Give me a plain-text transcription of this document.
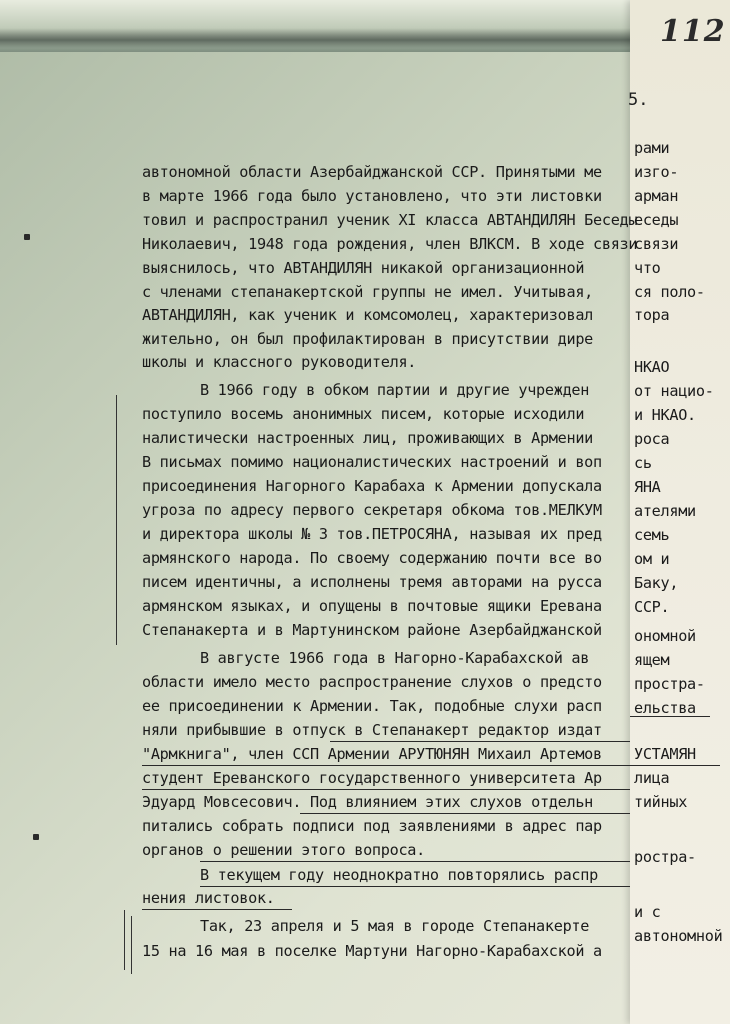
112
5.
автономной области Азербайджанской ССР. Принятыми ме
в марте 1966 года было установлено, что эти листовки
товил и распространил ученик XI класса АВТАНДИЛЯН Беседы
Николаевич, 1948 года рождения, член ВЛКСМ. В ходе связи
выяснилось, что АВТАНДИЛЯН никакой организационной
с членами степанакертской группы не имел. Учитывая,
АВТАНДИЛЯН, как ученик и комсомолец, характеризовал
жительно, он был профилактирован в присутствии дире
школы и классного руководителя.
В 1966 году в обком партии и другие учрежден
поступило восемь анонимных писем, которые исходили
налистически настроенных лиц, проживающих в Армении
В письмах помимо националистических настроений и воп
присоединения Нагорного Карабаха к Армении допускала
угроза по адресу первого секретаря обкома тов.МЕЛКУМ
и директора школы № 3 тов.ПЕТРОСЯНА, называя их пред
армянского народа. По своему содержанию почти все во
писем идентичны, а исполнены тремя авторами на русса
армянском языках, и опущены в почтовые ящики Еревана
Степанакерта и в Мартунинском районе Азербайджанской
В августе 1966 года в Нагорно-Карабахской ав
области имело место распространение слухов о предсто
ее присоединении к Армении. Так, подобные слухи расп
няли прибывшие в отпуск в Степанакерт редактор издат
"Армкнига", член ССП Армении АРУТЮНЯН Михаил Артемов
студент Ереванского государственного университета Ар
Эдуард Мовсесович. Под влиянием этих слухов отдельн
питались собрать подписи под заявлениями в адрес пар
органов о решении этого вопроса.
В текущем году неоднократно повторялись распр
нения листовок.
Так, 23 апреля и 5 мая в городе Степанакерте
15 на 16 мая в поселке Мартуни Нагорно-Карабахской а
рами
изго-
арман
еседы
связи
что
ся поло-
тора
НКАО
от нацио-
и НКАО.
роса
сь
ЯНА
ателями
семь
ом и
Баку,
ССР.
ономной
ящем
простра-
ельства
УСТАМЯН
лица
тийных
ростра-
и с
автономной
